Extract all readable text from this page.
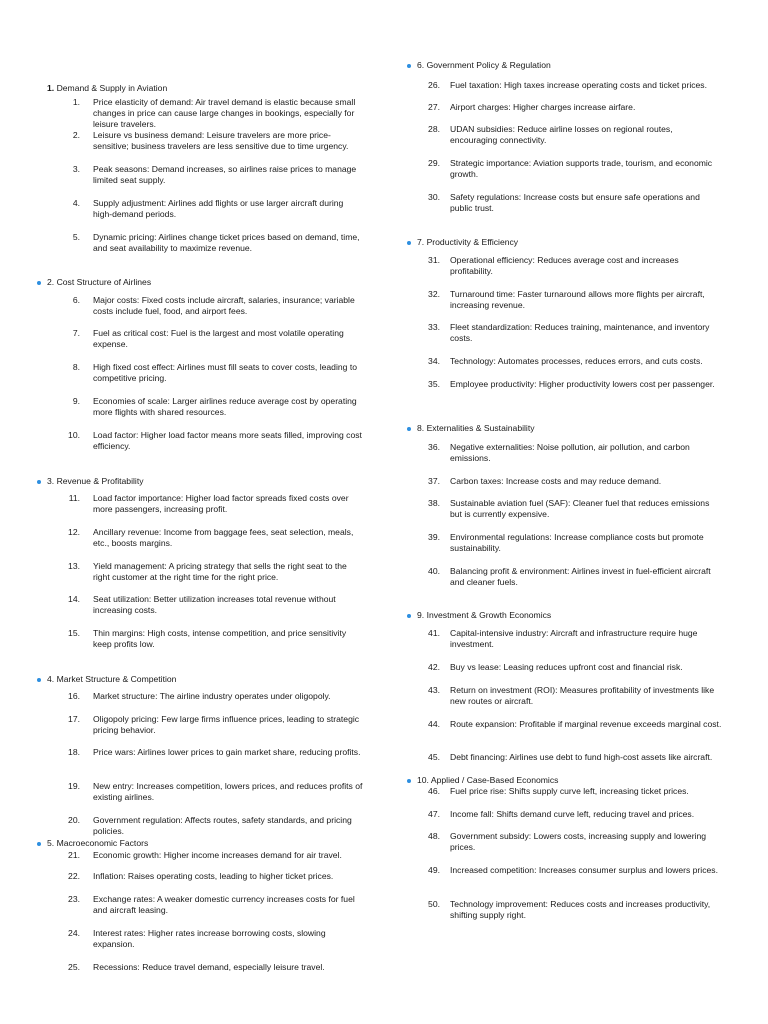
1. Demand & Supply in Aviation
1. Price elasticity of demand: Air travel demand is elastic because small changes in price can cause large changes in bookings, especially for leisure travelers.
2. Leisure vs business demand: Leisure travelers are more price-sensitive; business travelers are less sensitive due to time urgency.
3. Peak seasons: Demand increases, so airlines raise prices to manage limited seat supply.
4. Supply adjustment: Airlines add flights or use larger aircraft during high-demand periods.
5. Dynamic pricing: Airlines change ticket prices based on demand, time, and seat availability to maximize revenue.
2. Cost Structure of Airlines
6. Major costs: Fixed costs include aircraft, salaries, insurance; variable costs include fuel, food, and airport fees.
7. Fuel as critical cost: Fuel is the largest and most volatile operating expense.
8. High fixed cost effect: Airlines must fill seats to cover costs, leading to competitive pricing.
9. Economies of scale: Larger airlines reduce average cost by operating more flights with shared resources.
10. Load factor: Higher load factor means more seats filled, improving cost efficiency.
3. Revenue & Profitability
11. Load factor importance: Higher load factor spreads fixed costs over more passengers, increasing profit.
12. Ancillary revenue: Income from baggage fees, seat selection, meals, etc., boosts margins.
13. Yield management: A pricing strategy that sells the right seat to the right customer at the right time for the right price.
14. Seat utilization: Better utilization increases total revenue without increasing costs.
15. Thin margins: High costs, intense competition, and price sensitivity keep profits low.
4. Market Structure & Competition
16. Market structure: The airline industry operates under oligopoly.
17. Oligopoly pricing: Few large firms influence prices, leading to strategic pricing behavior.
18. Price wars: Airlines lower prices to gain market share, reducing profits.
19. New entry: Increases competition, lowers prices, and reduces profits of existing airlines.
20. Government regulation: Affects routes, safety standards, and pricing policies.
5. Macroeconomic Factors
21. Economic growth: Higher income increases demand for air travel.
22. Inflation: Raises operating costs, leading to higher ticket prices.
23. Exchange rates: A weaker domestic currency increases costs for fuel and aircraft leasing.
24. Interest rates: Higher rates increase borrowing costs, slowing expansion.
25. Recessions: Reduce travel demand, especially leisure travel.
6. Government Policy & Regulation
26. Fuel taxation: High taxes increase operating costs and ticket prices.
27. Airport charges: Higher charges increase airfare.
28. UDAN subsidies: Reduce airline losses on regional routes, encouraging connectivity.
29. Strategic importance: Aviation supports trade, tourism, and economic growth.
30. Safety regulations: Increase costs but ensure safe operations and public trust.
7. Productivity & Efficiency
31. Operational efficiency: Reduces average cost and increases profitability.
32. Turnaround time: Faster turnaround allows more flights per aircraft, increasing revenue.
33. Fleet standardization: Reduces training, maintenance, and inventory costs.
34. Technology: Automates processes, reduces errors, and cuts costs.
35. Employee productivity: Higher productivity lowers cost per passenger.
8. Externalities & Sustainability
36. Negative externalities: Noise pollution, air pollution, and carbon emissions.
37. Carbon taxes: Increase costs and may reduce demand.
38. Sustainable aviation fuel (SAF): Cleaner fuel that reduces emissions but is currently expensive.
39. Environmental regulations: Increase compliance costs but promote sustainability.
40. Balancing profit & environment: Airlines invest in fuel-efficient aircraft and cleaner fuels.
9. Investment & Growth Economics
41. Capital-intensive industry: Aircraft and infrastructure require huge investment.
42. Buy vs lease: Leasing reduces upfront cost and financial risk.
43. Return on investment (ROI): Measures profitability of investments like new routes or aircraft.
44. Route expansion: Profitable if marginal revenue exceeds marginal cost.
45. Debt financing: Airlines use debt to fund high-cost assets like aircraft.
10. Applied / Case-Based Economics
46. Fuel price rise: Shifts supply curve left, increasing ticket prices.
47. Income fall: Shifts demand curve left, reducing travel and prices.
48. Government subsidy: Lowers costs, increasing supply and lowering prices.
49. Increased competition: Increases consumer surplus and lowers prices.
50. Technology improvement: Reduces costs and increases productivity, shifting supply right.
